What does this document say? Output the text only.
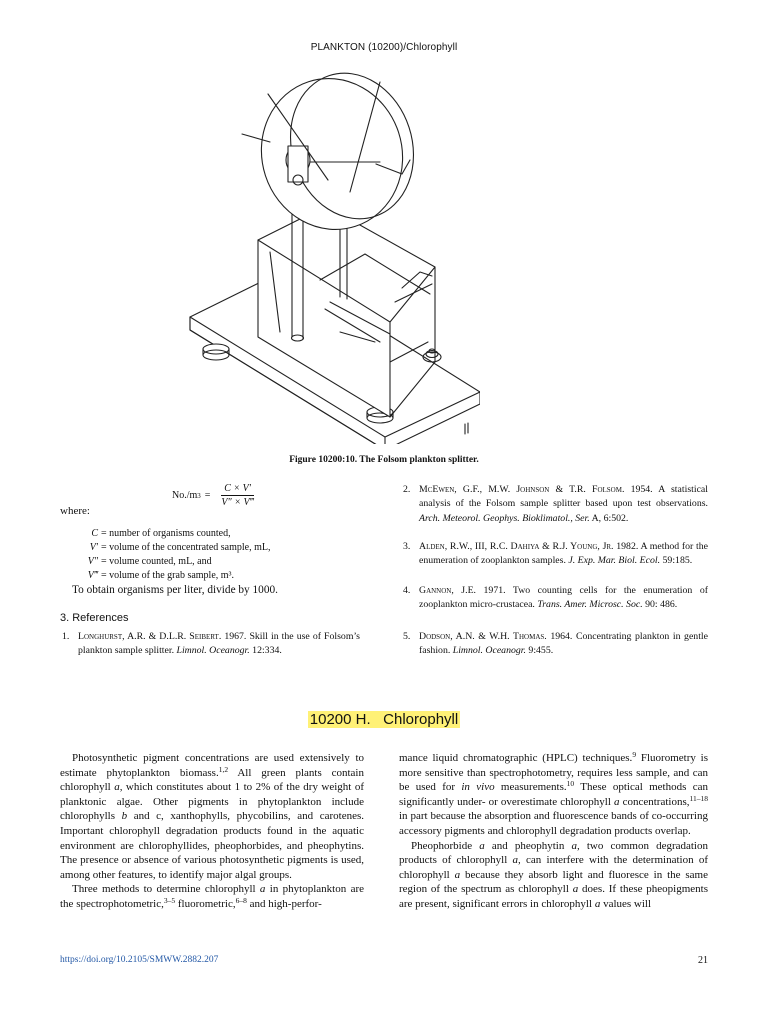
PLANKTON (10200)/Chlorophyll
Figure 10200:10. The Folsom plankton splitter.
No./m $3 = \frac{C \times V'}{V'' \times V‴}$
where:
C = number of organisms counted,
V′ = volume of the concentrated sample, mL,
V″ = volume counted, mL, and
V‴ = volume of the grab sample, m³.
To obtain organisms per liter, divide by 1000.
3. References
1. Longhurst, A.R. & D.L.R. Seibert. 1967. Skill in the use of Folsom’s plankton sample splitter. Limnol. Oceanogr. 12:334.
2. McEwen, G.F., M.W. Johnson & T.R. Folsom. 1954. A statistical analysis of the Folsom sample splitter based upon test observations. Arch. Meteorol. Geophys. Bioklimatol., Ser. A, 6:502.
3. Alden, R.W., III, R.C. Dahiya & R.J. Young, Jr. 1982. A method for the enumeration of zooplankton samples. J. Exp. Mar. Biol. Ecol. 59:185.
4. Gannon, J.E. 1971. Two counting cells for the enumeration of zooplankton micro-crustacea. Trans. Amer. Microsc. Soc. 90: 486.
5. Dodson, A.N. & W.H. Thomas. 1964. Concentrating plankton in gentle fashion. Limnol. Oceanogr. 9:455.
10200 H.   Chlorophyll

Photosynthetic pigment concentrations are used extensively to estimate phytoplankton biomass.$^{1,2}$ All green plants contain chlorophyll a, which constitutes about 1 to 2% of the dry weight of planktonic algae. Other pigments in phytoplankton include chlorophylls b and c, xanthophylls, phycobilins, and carotenes. Important chlorophyll degradation products found in the aquatic environment are chlorophyllides, pheophorbides, and pheophytins. The presence or absence of various photosynthetic pigments is used, among other features, to identify major algal groups.

Three methods to determine chlorophyll a in phytoplankton are the spectrophotometric,$^{3-5}$ fluorometric,$^{6-8}$ and high-perfor-

mance liquid chromatographic (HPLC) techniques.$^9$ Fluorometry is more sensitive than spectrophotometry, requires less sample, and can be used for in vivo measurements.$^{10}$ These optical methods can significantly under- or overestimate chlorophyll a concentrations,$^{11-18}$ in part because the absorption and fluorescence bands of co-occurring accessory pigments and chlorophyll degradation products overlap.

Pheophorbide a and pheophytin a, two common degradation products of chlorophyll a, can interfere with the determination of chlorophyll a because they absorb light and fluoresce in the same region of the spectrum as chlorophyll a does. If these pheopigments are present, significant errors in chlorophyll a values will

https://doi.org/10.2105/SMWW.2882.207	21
